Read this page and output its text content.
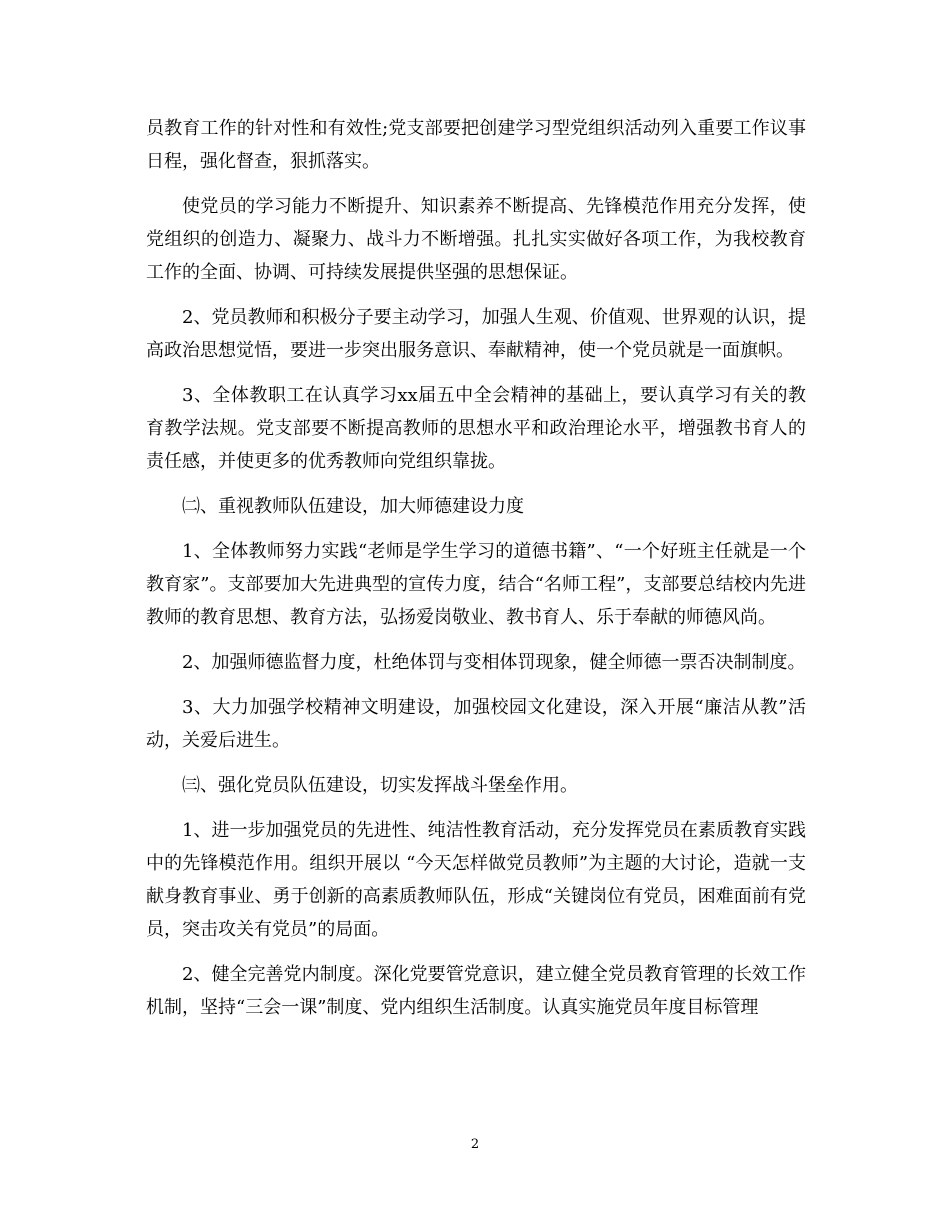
员教育工作的针对性和有效性;党支部要把创建学习型党组织活动列入重要工作议事日程，强化督查，狠抓落实。

使党员的学习能力不断提升、知识素养不断提高、先锋模范作用充分发挥，使党组织的创造力、凝聚力、战斗力不断增强。扎扎实实做好各项工作，为我校教育工作的全面、协调、可持续发展提供坚强的思想保证。

2、党员教师和积极分子要主动学习，加强人生观、价值观、世界观的认识，提高政治思想觉悟，要进一步突出服务意识、奉献精神，使一个党员就是一面旗帜。

3、全体教职工在认真学习xx届五中全会精神的基础上，要认真学习有关的教育教学法规。党支部要不断提高教师的思想水平和政治理论水平，增强教书育人的责任感，并使更多的优秀教师向党组织靠拢。

㈡、重视教师队伍建设，加大师德建设力度

1、全体教师努力实践“老师是学生学习的道德书籍”、“一个好班主任就是一个教育家”。支部要加大先进典型的宣传力度，结合“名师工程”，支部要总结校内先进教师的教育思想、教育方法，弘扬爱岗敬业、教书育人、乐于奉献的师德风尚。

2、加强师德监督力度，杜绝体罚与变相体罚现象，健全师德一票否决制制度。

3、大力加强学校精神文明建设，加强校园文化建设，深入开展“廉洁从教”活动，关爱后进生。

㈢、强化党员队伍建设，切实发挥战斗堡垒作用。

1、进一步加强党员的先进性、纯洁性教育活动，充分发挥党员在素质教育实践中的先锋模范作用。组织开展以 “今天怎样做党员教师”为主题的大讨论，造就一支献身教育事业、勇于创新的高素质教师队伍，形成“关键岗位有党员，困难面前有党员，突击攻关有党员”的局面。

2、健全完善党内制度。深化党要管党意识，建立健全党员教育管理的长效工作机制，坚持“三会一课”制度、党内组织生活制度。认真实施党员年度目标管理

2
